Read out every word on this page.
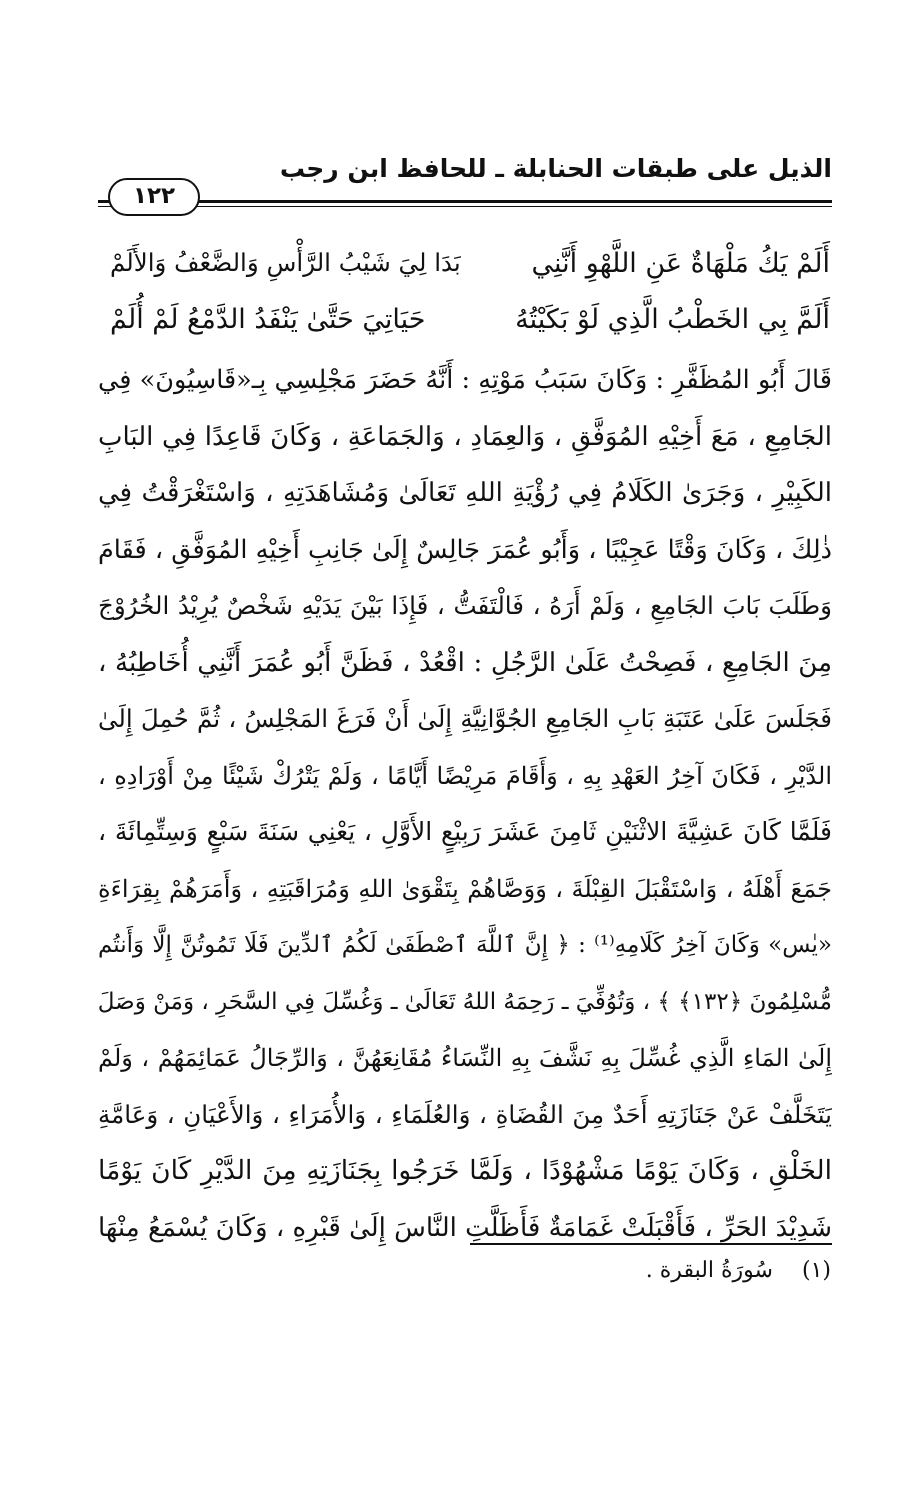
الذيل على طبقات الحنابلة ـ للحافظ ابن رجب
١٢٢
أَلَمْ يَكُ مَلْهَاةٌ عَنِ اللَّهْوِ أَنَّنِي
بَدَا لِيَ شَيْبُ الرَّأْسِ وَالضَّعْفُ وَالأَلَمْ
أَلَمَّ بِي الخَطْبُ الَّذِي لَوْ بَكَيْتُهُ
حَيَاتِيَ حَتَّىٰ يَنْفَدُ الدَّمْعُ لَمْ أُلَمْ
قَالَ أَبُو المُظَفَّرِ : وَكَانَ سَبَبُ مَوْتِهِ : أَنَّهُ حَضَرَ مَجْلِسِي بِـ«قَاسِيُونَ» فِي
الجَامِعِ ، مَعَ أَخِيْهِ المُوَفَّقِ ، وَالعِمَادِ ، وَالجَمَاعَةِ ، وَكَانَ قَاعِدًا فِي البَابِ
الكَبِيْرِ ، وَجَرَىٰ الكَلَامُ فِي رُؤْيَةِ اللهِ تَعَالَىٰ وَمُشَاهَدَتِهِ ، وَاسْتَغْرَقْتُ فِي
ذٰلِكَ ، وَكَانَ وَقْتًا عَجِيْبًا ، وَأَبُو عُمَرَ جَالِسٌ إِلَىٰ جَانِبِ أَخِيْهِ المُوَفَّقِ ، فَقَامَ
وَطَلَبَ بَابَ الجَامِعِ ، وَلَمْ أَرَهُ ، فَالْتَفَتُّ ، فَإِذَا بَيْنَ يَدَيْهِ شَخْصٌ يُرِيْدُ الخُرُوْجَ
مِنَ الجَامِعِ ، فَصِحْتُ عَلَىٰ الرَّجُلِ : اقْعُدْ ، فَظَنَّ أَبُو عُمَرَ أَنَّنِي أُخَاطِبُهُ ،
فَجَلَسَ عَلَىٰ عَتَبَةِ بَابِ الجَامِعِ الجُوَّانِيَّةِ إِلَىٰ أَنْ فَرَغَ المَجْلِسُ ، ثُمَّ حُمِلَ إِلَىٰ
الدَّيْرِ ، فَكَانَ آخِرُ العَهْدِ بِهِ ، وَأَقَامَ مَرِيْضًا أَيَّامًا ، وَلَمْ يَتْرُكْ شَيْئًا مِنْ أَوْرَادِهِ ،
فَلَمَّا كَانَ عَشِيَّةَ الاثْنَيْنِ ثَامِنَ عَشَرَ رَبِيْعٍ الأَوَّلِ ، يَعْنِي سَنَةَ سَبْعٍ وَسِتِّمِائَةَ ،
جَمَعَ أَهْلَهُ ، وَاسْتَقْبَلَ القِبْلَةَ ، وَوَصَّاهُمْ بِتَقْوَىٰ اللهِ وَمُرَاقَبَتِهِ ، وَأَمَرَهُمْ بِقِرَاءَةِ
«يٰس» وَكَانَ آخِرُ كَلَامِهِ⁽¹⁾ : ﴿ إِنَّ ٱللَّهَ ٱصْطَفَىٰ لَكُمُ ٱلدِّينَ فَلَا تَمُوتُنَّ إِلَّا وَأَنتُم
مُّسْلِمُونَ ﴿١٣٢﴾ ﴾ ، وَتُوُفِّيَ ـ رَحِمَهُ اللهُ تَعَالَىٰ ـ وَغُسِّلَ فِي السَّحَرِ ، وَمَنْ وَصَلَ
إِلَىٰ المَاءِ الَّذِي غُسِّلَ بِهِ نَشَّفَ بِهِ النِّسَاءُ مُقَانِعَهُنَّ ، وَالرِّجَالُ عَمَائِمَهُمْ ، وَلَمْ
يَتَخَلَّفْ عَنْ جَنَازَتِهِ أَحَدٌ مِنَ القُضَاةِ ، وَالعُلَمَاءِ ، وَالأُمَرَاءِ ، وَالأَعْيَانِ ، وَعَامَّةِ
الخَلْقِ ، وَكَانَ يَوْمًا مَشْهُوْدًا ، وَلَمَّا خَرَجُوا بِجَنَازَتِهِ مِنَ الدَّيْرِ كَانَ يَوْمًا
شَدِيْدَ الحَرِّ ، فَأَقْبَلَتْ غَمَامَةٌ فَأَظَلَّتِ النَّاسَ إِلَىٰ قَبْرِهِ ، وَكَانَ يُسْمَعُ مِنْهَا
(١) سُورَةُ البقرة .
